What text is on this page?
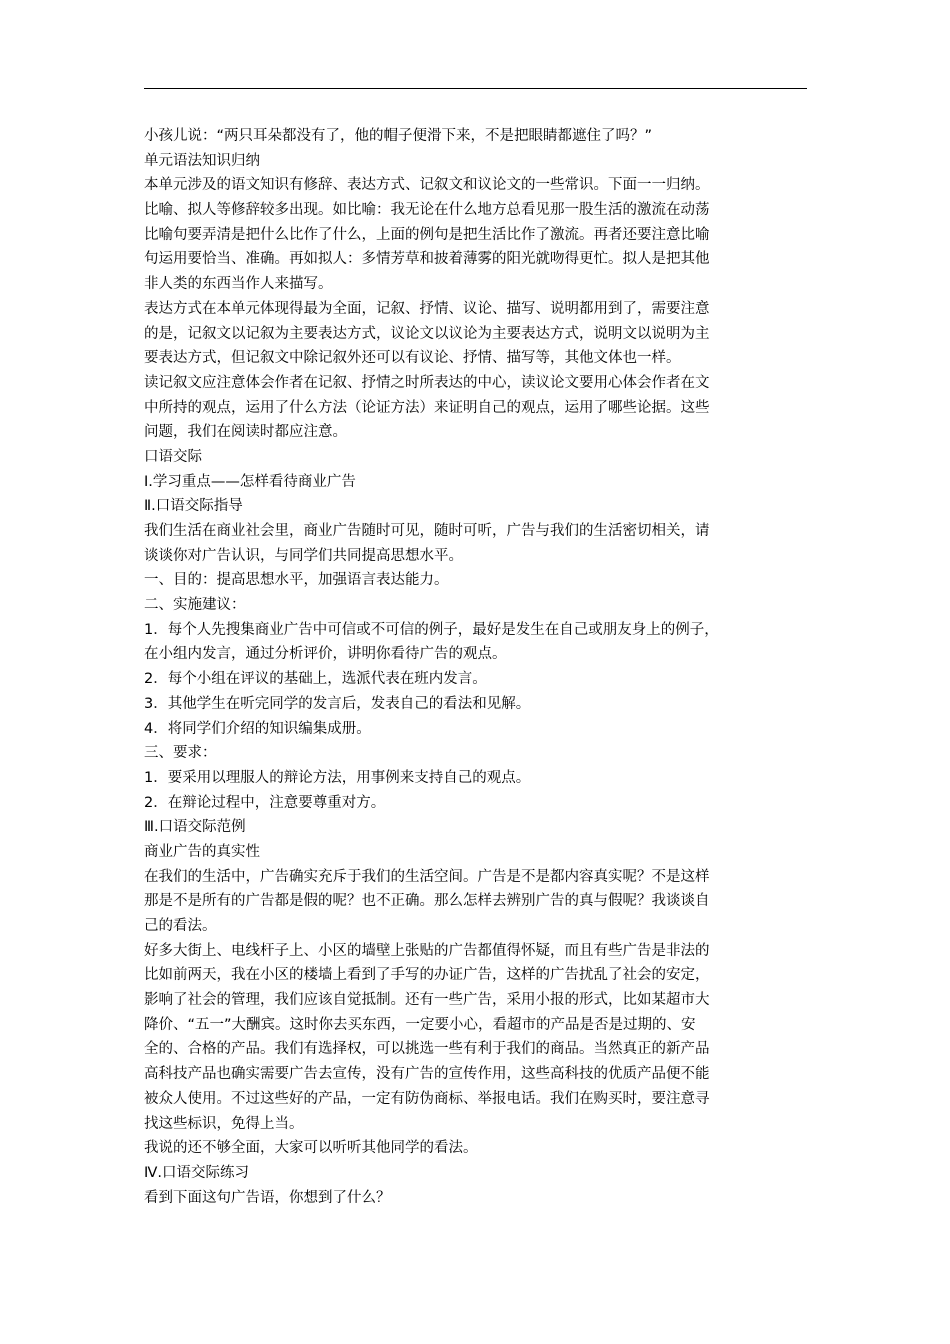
小孩儿说：“两只耳朵都没有了，他的帽子便滑下来，不是把眼睛都遮住了吗？”
单元语法知识归纳
本单元涉及的语文知识有修辞、表达方式、记叙文和议论文的一些常识。下面一一归纳。
比喻、拟人等修辞较多出现。如比喻：我无论在什么地方总看见那一股生活的激流在动荡
比喻句要弄清是把什么比作了什么，上面的例句是把生活比作了激流。再者还要注意比喻
句运用要恰当、准确。再如拟人：多情芳草和披着薄雾的阳光就吻得更忙。拟人是把其他
非人类的东西当作人来描写。
表达方式在本单元体现得最为全面，记叙、抒情、议论、描写、说明都用到了，需要注意
的是，记叙文以记叙为主要表达方式，议论文以议论为主要表达方式，说明文以说明为主
要表达方式，但记叙文中除记叙外还可以有议论、抒情、描写等，其他文体也一样。
读记叙文应注意体会作者在记叙、抒情之时所表达的中心，读议论文要用心体会作者在文
中所持的观点，运用了什么方法（论证方法）来证明自己的观点，运用了哪些论据。这些
问题，我们在阅读时都应注意。
口语交际
Ⅰ.学习重点——怎样看待商业广告
Ⅱ.口语交际指导
我们生活在商业社会里，商业广告随时可见，随时可听，广告与我们的生活密切相关，请
谈谈你对广告认识，与同学们共同提高思想水平。
一、目的：提高思想水平，加强语言表达能力。
二、实施建议：
1．每个人先搜集商业广告中可信或不可信的例子，最好是发生在自己或朋友身上的例子，
在小组内发言，通过分析评价，讲明你看待广告的观点。
2．每个小组在评议的基础上，选派代表在班内发言。
3．其他学生在听完同学的发言后，发表自己的看法和见解。
4．将同学们介绍的知识编集成册。
三、要求：
1．要采用以理服人的辩论方法，用事例来支持自己的观点。
2．在辩论过程中，注意要尊重对方。
Ⅲ.口语交际范例
商业广告的真实性
在我们的生活中，广告确实充斥于我们的生活空间。广告是不是都内容真实呢？不是这样
那是不是所有的广告都是假的呢？也不正确。那么怎样去辨别广告的真与假呢？我谈谈自
己的看法。
好多大街上、电线杆子上、小区的墙壁上张贴的广告都值得怀疑，而且有些广告是非法的
比如前两天，我在小区的楼墙上看到了手写的办证广告，这样的广告扰乱了社会的安定，
影响了社会的管理，我们应该自觉抵制。还有一些广告，采用小报的形式，比如某超市大
降价、“五一”大酬宾。这时你去买东西，一定要小心，看超市的产品是否是过期的、安
全的、合格的产品。我们有选择权，可以挑选一些有利于我们的商品。当然真正的新产品
高科技产品也确实需要广告去宣传，没有广告的宣传作用，这些高科技的优质产品便不能
被众人使用。不过这些好的产品，一定有防伪商标、举报电话。我们在购买时，要注意寻
找这些标识，免得上当。
我说的还不够全面，大家可以听听其他同学的看法。
Ⅳ.口语交际练习
看到下面这句广告语，你想到了什么？
